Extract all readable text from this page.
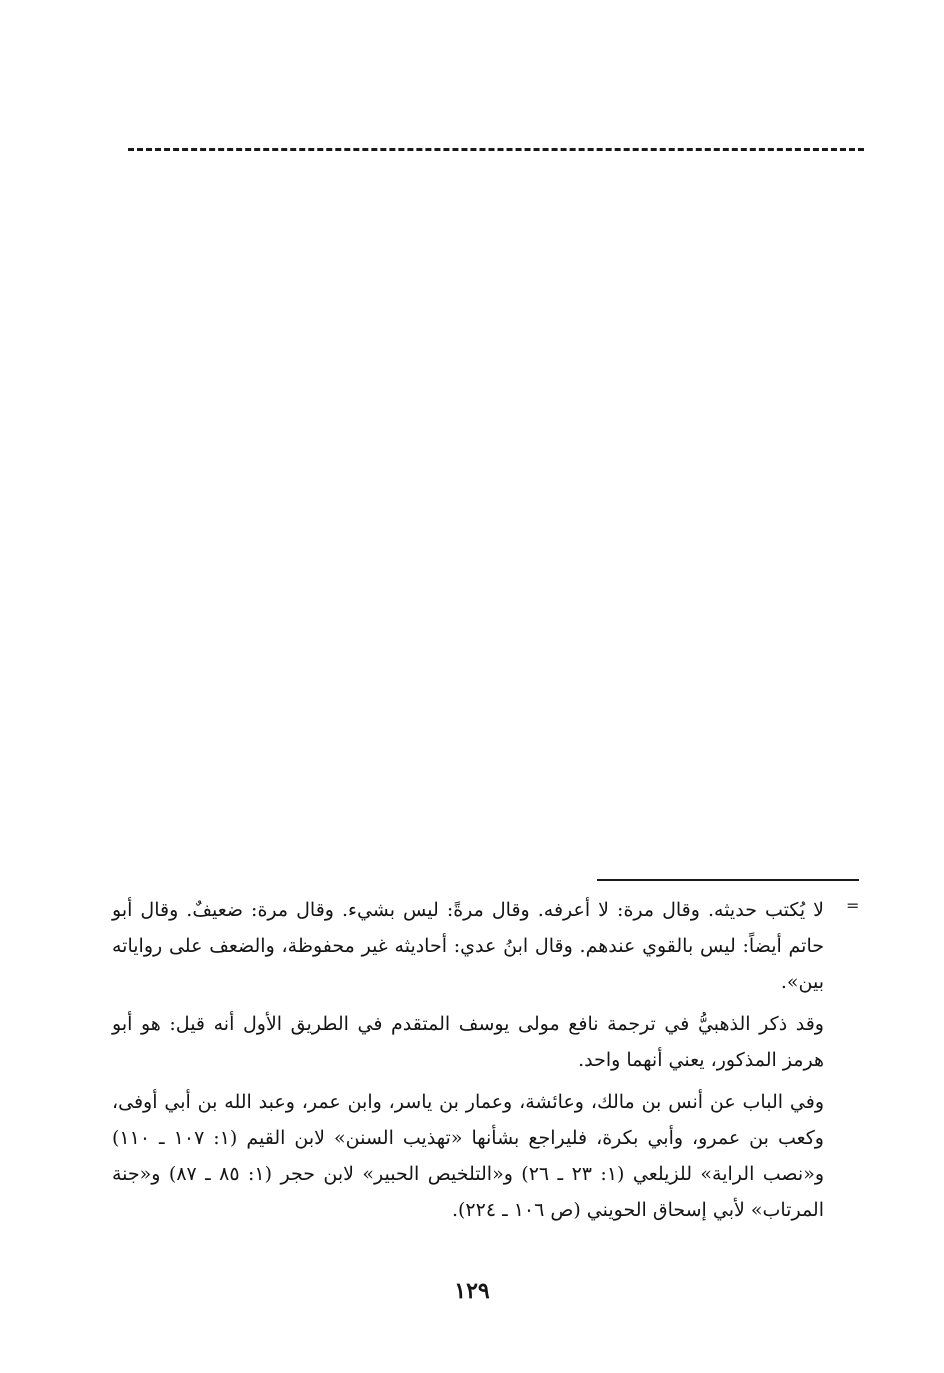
=

لا يُكتب حديثه. وقال مرة: لا أعرفه. وقال مرةً: ليس بشيء. وقال مرة: ضعيفٌ. وقال أبو حاتم أيضاً: ليس بالقوي عندهم. وقال ابنُ عدي: أحاديثه غير محفوظة، والضعف على رواياته بين».

وقد ذكر الذهبيُّ في ترجمة نافع مولى يوسف المتقدم في الطريق الأول أنه قيل: هو أبو هرمز المذكور، يعني أنهما واحد.

وفي الباب عن أنس بن مالك، وعائشة، وعمار بن ياسر، وابن عمر، وعبد الله بن أبي أوفى، وكعب بن عمرو، وأبي بكرة، فليراجع بشأنها «تهذيب السنن» لابن القيم (١: ١٠٧ ـ ١١٠) و«نصب الراية» للزيلعي (١: ٢٣ ـ ٢٦) و«التلخيص الحبير» لابن حجر (١: ٨٥ ـ ٨٧) و«جنة المرتاب» لأبي إسحاق الحويني (ص ١٠٦ ـ ٢٢٤).

١٢٩
